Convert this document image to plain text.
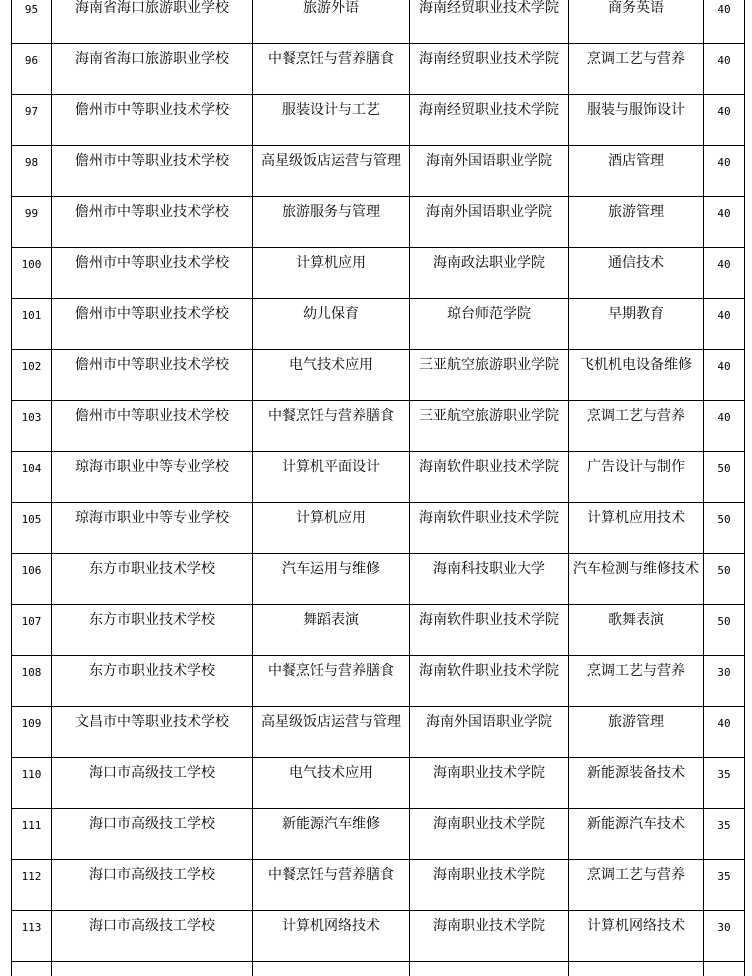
95	海南省海口旅游职业学校	旅游外语	海南经贸职业技术学院	商务英语	40
96	海南省海口旅游职业学校	中餐烹饪与营养膳食	海南经贸职业技术学院	烹调工艺与营养	40
97	儋州市中等职业技术学校	服装设计与工艺	海南经贸职业技术学院	服装与服饰设计	40
98	儋州市中等职业技术学校	高星级饭店运营与管理	海南外国语职业学院	酒店管理	40
99	儋州市中等职业技术学校	旅游服务与管理	海南外国语职业学院	旅游管理	40
100	儋州市中等职业技术学校	计算机应用	海南政法职业学院	通信技术	40
101	儋州市中等职业技术学校	幼儿保育	琼台师范学院	早期教育	40
102	儋州市中等职业技术学校	电气技术应用	三亚航空旅游职业学院	飞机机电设备维修	40
103	儋州市中等职业技术学校	中餐烹饪与营养膳食	三亚航空旅游职业学院	烹调工艺与营养	40
104	琼海市职业中等专业学校	计算机平面设计	海南软件职业技术学院	广告设计与制作	50
105	琼海市职业中等专业学校	计算机应用	海南软件职业技术学院	计算机应用技术	50
106	东方市职业技术学校	汽车运用与维修	海南科技职业大学	汽车检测与维修技术	50
107	东方市职业技术学校	舞蹈表演	海南软件职业技术学院	歌舞表演	50
108	东方市职业技术学校	中餐烹饪与营养膳食	海南软件职业技术学院	烹调工艺与营养	30
109	文昌市中等职业技术学校	高星级饭店运营与管理	海南外国语职业学院	旅游管理	40
110	海口市高级技工学校	电气技术应用	海南职业技术学院	新能源装备技术	35
111	海口市高级技工学校	新能源汽车维修	海南职业技术学院	新能源汽车技术	35
112	海口市高级技工学校	中餐烹饪与营养膳食	海南职业技术学院	烹调工艺与营养	35
113	海口市高级技工学校	计算机网络技术	海南职业技术学院	计算机网络技术	30
